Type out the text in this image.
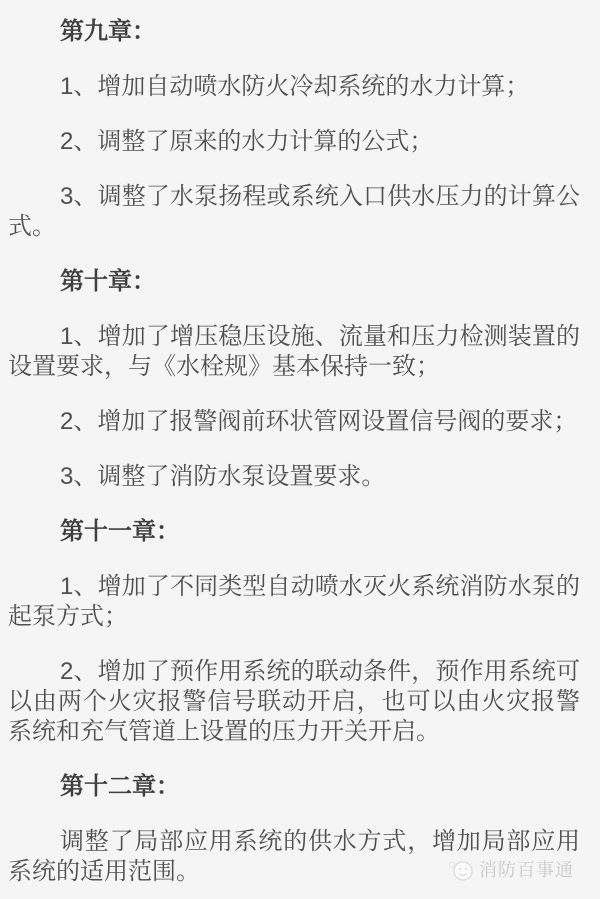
第九章：

1、增加自动喷水防火冷却系统的水力计算；

2、调整了原来的水力计算的公式；

3、调整了水泵扬程或系统入口供水压力的计算公式。

第十章：

1、增加了增压稳压设施、流量和压力检测装置的设置要求，与《水栓规》基本保持一致；

2、增加了报警阀前环状管网设置信号阀的要求；

3、调整了消防水泵设置要求。

第十一章：

1、增加了不同类型自动喷水灭火系统消防水泵的起泵方式；

2、增加了预作用系统的联动条件，预作用系统可以由两个火灾报警信号联动开启，也可以由火灾报警系统和充气管道上设置的压力开关开启。

第十二章：

调整了局部应用系统的供水方式，增加局部应用系统的适用范围。	消防百事通
